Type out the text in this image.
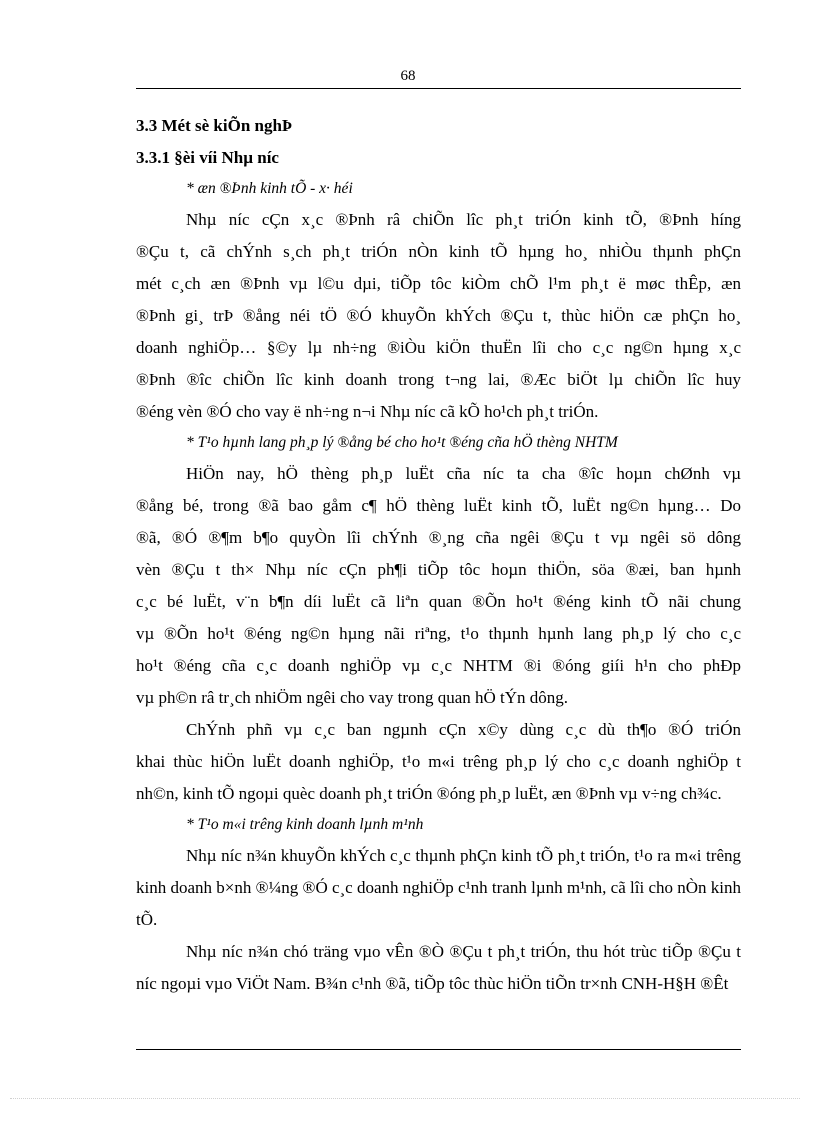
68

3.3 Mét sè kiÕn nghÞ

3.3.1 §èi víi Nhµ níc

* æn ®Þnh kinh tÕ - x· héi

Nhµ níc cÇn x¸c ®Þnh râ chiÕn lîc ph¸t triÓn kinh tÕ, ®Þnh híng

®Çu t, cã chÝnh s¸ch ph¸t triÓn nÒn kinh tÕ hµng ho¸ nhiÒu thµnh phÇn

mét c¸ch æn ®Þnh vµ l©u dµi, tiÕp tôc kiÒm chÕ l¹m ph¸t ë møc thÊp, æn

®Þnh gi¸ trÞ ®ång néi tÖ ®Ó khuyÕn khÝch ®Çu t, thùc hiÖn cæ phÇn ho¸

doanh nghiÖp… §©y lµ nh÷ng ®iÒu kiÖn thuËn lîi cho c¸c ng©n hµng x¸c

®Þnh ®îc chiÕn lîc kinh doanh trong t¬ng lai, ®Æc biÖt lµ chiÕn lîc huy

®éng vèn ®Ó cho vay ë nh÷ng n¬i Nhµ níc cã kÕ ho¹ch ph¸t triÓn.

* T¹o hµnh lang ph¸p lý ®ång bé cho ho¹t ®éng cña hÖ thèng NHTM

HiÖn nay, hÖ thèng ph¸p luËt cña níc ta cha ®îc hoµn chØnh vµ

®ång bé, trong ®ã bao gåm c¶ hÖ thèng luËt kinh tÕ, luËt ng©n hµng… Do

®ã, ®Ó ®¶m b¶o quyÒn lîi chÝnh ®¸ng cña ngêi ®Çu t vµ ngêi sö dông

vèn ®Çu t th× Nhµ níc cÇn ph¶i tiÕp tôc hoµn thiÖn, söa ®æi, ban hµnh

c¸c bé luËt, v¨n b¶n díi luËt cã liªn quan ®Õn ho¹t ®éng kinh tÕ nãi chung

vµ ®Õn ho¹t ®éng ng©n hµng nãi riªng, t¹o thµnh hµnh lang ph¸p lý cho c¸c

ho¹t ®éng cña c¸c doanh nghiÖp vµ c¸c NHTM ®i ®óng giíi h¹n cho phÐp

vµ ph©n râ tr¸ch nhiÖm ngêi cho vay trong quan hÖ tÝn dông.

ChÝnh phñ vµ c¸c ban ngµnh cÇn x©y dùng c¸c dù th¶o ®Ó triÓn

khai thùc hiÖn luËt doanh nghiÖp, t¹o m«i trêng ph¸p lý cho c¸c doanh nghiÖp t

nh©n, kinh tÕ ngoµi quèc doanh ph¸t triÓn ®óng ph¸p luËt, æn ®Þnh vµ v÷ng ch¾c.

* T¹o m«i trêng kinh doanh lµnh m¹nh

Nhµ níc n¾n khuyÕn khÝch c¸c thµnh phÇn kinh tÕ ph¸t triÓn, t¹o ra m«i trêng

kinh doanh b×nh ®¼ng ®Ó c¸c doanh nghiÖp c¹nh tranh lµnh m¹nh, cã lîi cho nÒn kinh

tÕ.

Nhµ níc n¾n chó träng vµo vÊn ®Ò ®Çu t ph¸t triÓn, thu hót trùc tiÕp ®Çu t

níc ngoµi vµo ViÖt Nam. B¾n c¹nh ®ã, tiÕp tôc thùc hiÖn tiÕn tr×nh CNH-H§H ®Êt
